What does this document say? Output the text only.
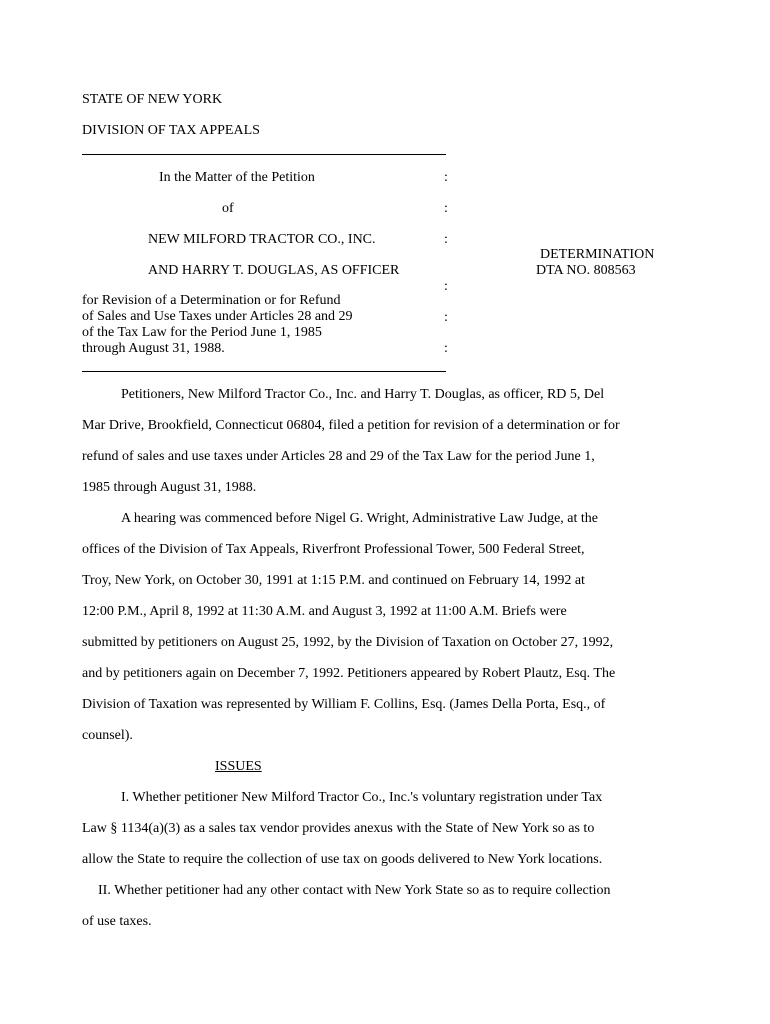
STATE OF NEW YORK
DIVISION OF TAX APPEALS
In the Matter of the Petition	:
of	:
NEW MILFORD TRACTOR CO., INC.	:
AND HARRY T. DOUGLAS, AS OFFICER
:
for Revision of a Determination or for Refund
of Sales and Use Taxes under Articles 28 and 29
of the Tax Law for the Period June 1, 1985
through August 31, 1988.
:
:
DETERMINATION
DTA NO. 808563
Petitioners, New Milford Tractor Co., Inc. and Harry T. Douglas, as officer, RD 5, Del
Mar Drive, Brookfield, Connecticut 06804, filed a petition for revision of a determination or for
refund of sales and use taxes under Articles 28 and 29 of the Tax Law for the period June 1,
1985 through August 31, 1988.
A hearing was commenced before Nigel G. Wright, Administrative Law Judge, at the
offices of the Division of Tax Appeals, Riverfront Professional Tower, 500 Federal Street,
Troy, New York, on October 30, 1991 at 1:15 P.M. and continued on February 14, 1992 at
12:00 P.M., April 8, 1992 at 11:30 A.M. and August 3, 1992 at 11:00 A.M. Briefs were
submitted by petitioners on August 25, 1992, by the Division of Taxation on October 27, 1992,
and by petitioners again on December 7, 1992. Petitioners appeared by Robert Plautz, Esq. The
Division of Taxation was represented by William F. Collins, Esq. (James Della Porta, Esq., of
counsel).
ISSUES
I. Whether petitioner New Milford Tractor Co., Inc.'s voluntary registration under Tax
Law § 1134(a)(3) as a sales tax vendor provides anexus with the State of New York so as to
allow the State to require the collection of use tax on goods delivered to New York locations.
II. Whether petitioner had any other contact with New York State so as to require collection
of use taxes.
